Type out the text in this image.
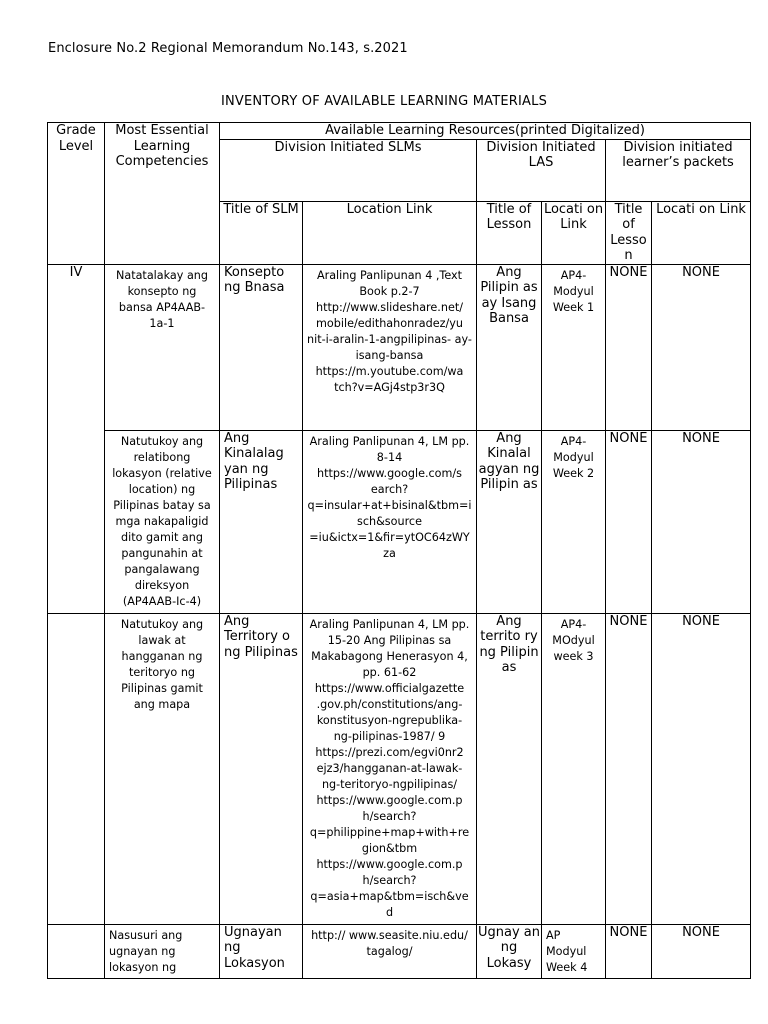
Enclosure No.2 Regional Memorandum No.143, s.2021
INVENTORY OF AVAILABLE LEARNING MATERIALS
Grade Level	Most Essential Learning Competencies	Available Learning Resources(printed Digitalized)					
		Division Initiated SLMs		Division Initiated LAS		Division initiated learner’s packets	
		Title of SLM	Location Link	Title of Lesson	Locati on Link	Title of Lesso n	Locati on Link
IV	Natatalakay ang konsepto ng bansa AP4AAB-1a-1	Konsepto ng Bnasa	Araling Panlipunan 4 ,Text Book p.2-7 http://www.slideshare.net/ mobile/edithahonradez/yu nit-i-aralin-1-angpilipinas- ay-isang-bansa https://m.youtube.com/wa tch?v=AGj4stp3r3Q	Ang Pilipin as ay Isang Bansa	AP4- Modyul Week 1	NONE	NONE
	Natutukoy ang relatibong lokasyon (relative location) ng Pilipinas batay sa mga nakapaligid dito gamit ang pangunahin at pangalawang direksyon (AP4AAB-Ic-4)	Ang Kinalalag yan ng Pilipinas	Araling Panlipunan 4, LM pp. 8-14 https://www.google.com/s earch? q=insular+at+bisinal&tbm=i sch&source =iu&ictx=1&fir=ytOC64zWY za	Ang Kinalal agyan ng Pilipin as	AP4- Modyul Week 2	NONE	NONE
	Natutukoy ang lawak at hangganan ng teritoryo ng Pilipinas gamit ang mapa	Ang Territory o ng Pilipinas	Araling Panlipunan 4, LM pp. 15-20 Ang Pilipinas sa Makabagong Henerasyon 4, pp. 61-62 https://www.officialgazette .gov.ph/constitutions/ang- konstitusyon-ngrepublika- ng-pilipinas-1987/ 9 https://prezi.com/egvi0nr2 ejz3/hangganan-at-lawak- ng-teritoryo-ngpilipinas/ https://www.google.com.p h/search? q=philippine+map+with+re gion&tbm https://www.google.com.p h/search? q=asia+map&tbm=isch&ve d	Ang territo ry ng Pilipin as	AP4- MOdyul week 3	NONE	NONE
	Nasusuri ang ugnayan ng lokasyon ng	Ugnayan ng Lokasyon	http:// www.seasite.niu.edu/ tagalog/	Ugnay an ng Lokasy	AP Modyul Week 4	NONE	NONE
